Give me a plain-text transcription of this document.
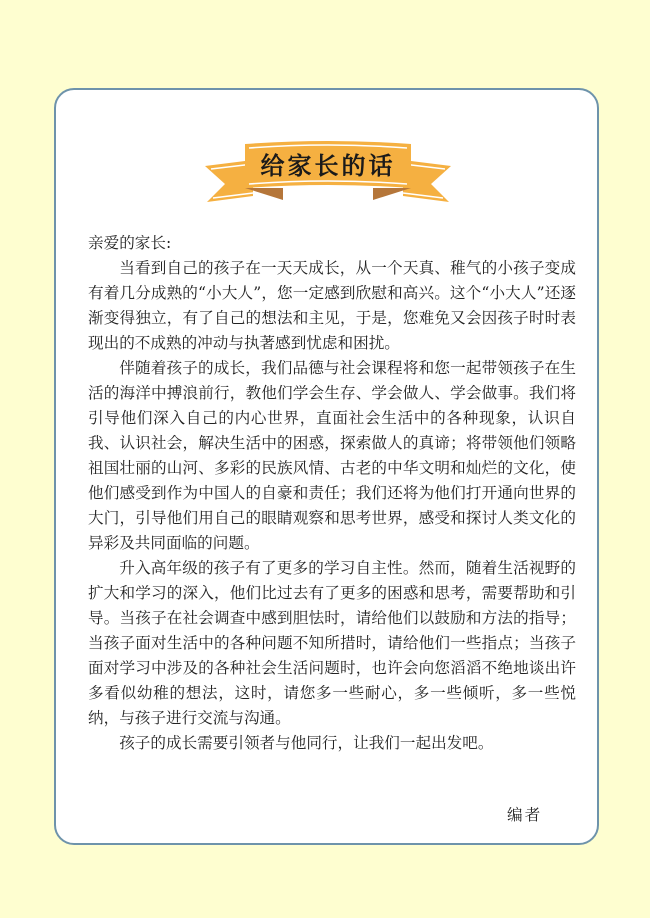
给家长的话

亲爱的家长:

当看到自己的孩子在一天天成长，从一个天真、稚气的小孩子变成有着几分成熟的“小大人”，您一定感到欣慰和高兴。这个“小大人”还逐渐变得独立，有了自己的想法和主见，于是，您难免又会因孩子时时表现出的不成熟的冲动与执著感到忧虑和困扰。

伴随着孩子的成长，我们品德与社会课程将和您一起带领孩子在生活的海洋中搏浪前行，教他们学会生存、学会做人、学会做事。我们将引导他们深入自己的内心世界，直面社会生活中的各种现象，认识自我、认识社会，解决生活中的困惑，探索做人的真谛；将带领他们领略祖国壮丽的山河、多彩的民族风情、古老的中华文明和灿烂的文化，使他们感受到作为中国人的自豪和责任；我们还将为他们打开通向世界的大门，引导他们用自己的眼睛观察和思考世界，感受和探讨人类文化的异彩及共同面临的问题。

升入高年级的孩子有了更多的学习自主性。然而，随着生活视野的扩大和学习的深入，他们比过去有了更多的困惑和思考，需要帮助和引导。当孩子在社会调查中感到胆怯时，请给他们以鼓励和方法的指导；当孩子面对生活中的各种问题不知所措时，请给他们一些指点；当孩子面对学习中涉及的各种社会生活问题时，也许会向您滔滔不绝地谈出许多看似幼稚的想法，这时，请您多一些耐心，多一些倾听，多一些悦纳，与孩子进行交流与沟通。

孩子的成长需要引领者与他同行，让我们一起出发吧。

编者
